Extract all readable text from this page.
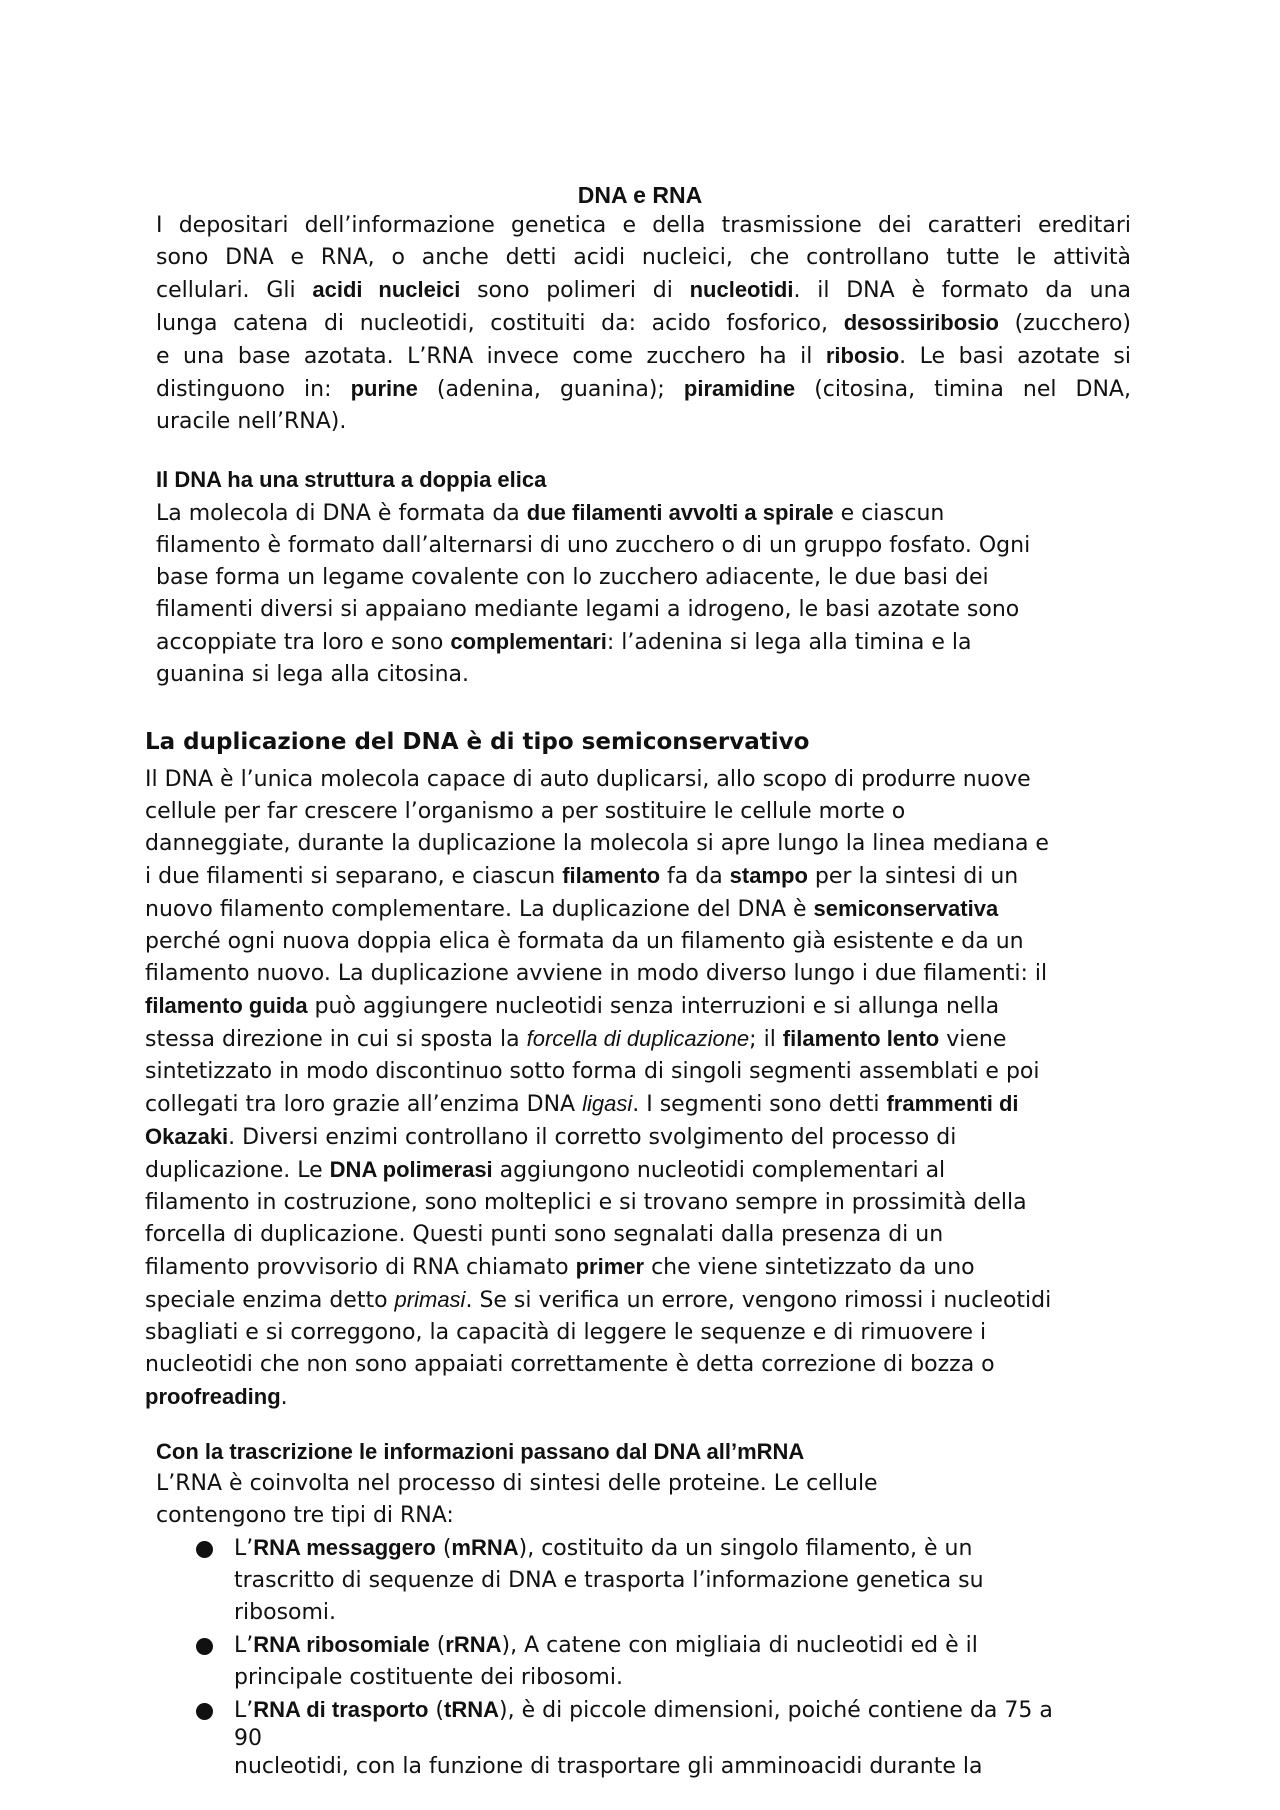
DNA e RNA
I depositari dell’informazione genetica e della trasmissione dei caratteri ereditari
sono DNA e RNA, o anche detti acidi nucleici, che controllano tutte le attività
cellulari. Gli acidi nucleici sono polimeri di nucleotidi. il DNA è formato da una
lunga catena di nucleotidi, costituiti da: acido fosforico, desossiribosio (zucchero)
e una base azotata. L’RNA invece come zucchero ha il ribosio. Le basi azotate si
distinguono in: purine (adenina, guanina); piramidine (citosina, timina nel DNA,
uracile nell’RNA).
Il DNA ha una struttura a doppia elica
La molecola di DNA è formata da due filamenti avvolti a spirale e ciascun
filamento è formato dall’alternarsi di uno zucchero o di un gruppo fosfato. Ogni
base forma un legame covalente con lo zucchero adiacente, le due basi dei
filamenti diversi si appaiano mediante legami a idrogeno, le basi azotate sono
accoppiate tra loro e sono complementari: l’adenina si lega alla timina e la
guanina si lega alla citosina.
La duplicazione del DNA è di tipo semiconservativo
Il DNA è l’unica molecola capace di auto duplicarsi, allo scopo di produrre nuove
cellule per far crescere l’organismo a per sostituire le cellule morte o
danneggiate, durante la duplicazione la molecola si apre lungo la linea mediana e
i due filamenti si separano, e ciascun filamento fa da stampo per la sintesi di un
nuovo filamento complementare. La duplicazione del DNA è semiconservativa
perché ogni nuova doppia elica è formata da un filamento già esistente e da un
filamento nuovo. La duplicazione avviene in modo diverso lungo i due filamenti: il
filamento guida può aggiungere nucleotidi senza interruzioni e si allunga nella
stessa direzione in cui si sposta la forcella di duplicazione; il filamento lento viene
sintetizzato in modo discontinuo sotto forma di singoli segmenti assemblati e poi
collegati tra loro grazie all’enzima DNA ligasi. I segmenti sono detti frammenti di
Okazaki. Diversi enzimi controllano il corretto svolgimento del processo di
duplicazione. Le DNA polimerasi aggiungono nucleotidi complementari al
filamento in costruzione, sono molteplici e si trovano sempre in prossimità della
forcella di duplicazione. Questi punti sono segnalati dalla presenza di un
filamento provvisorio di RNA chiamato primer che viene sintetizzato da uno
speciale enzima detto primasi. Se si verifica un errore, vengono rimossi i nucleotidi
sbagliati e si correggono, la capacità di leggere le sequenze e di rimuovere i
nucleotidi che non sono appaiati correttamente è detta correzione di bozza o
proofreading.
Con la trascrizione le informazioni passano dal DNA all’mRNA
L’RNA è coinvolta nel processo di sintesi delle proteine. Le cellule
contengono tre tipi di RNA:
L’RNA messaggero (mRNA), costituito da un singolo filamento, è un
trascritto di sequenze di DNA e trasporta l’informazione genetica su
ribosomi.
L’RNA ribosomiale (rRNA), A catene con migliaia di nucleotidi ed è il
principale costituente dei ribosomi.
L’RNA di trasporto (tRNA), è di piccole dimensioni, poiché contiene da 75 a
90
nucleotidi, con la funzione di trasportare gli amminoacidi durante la
